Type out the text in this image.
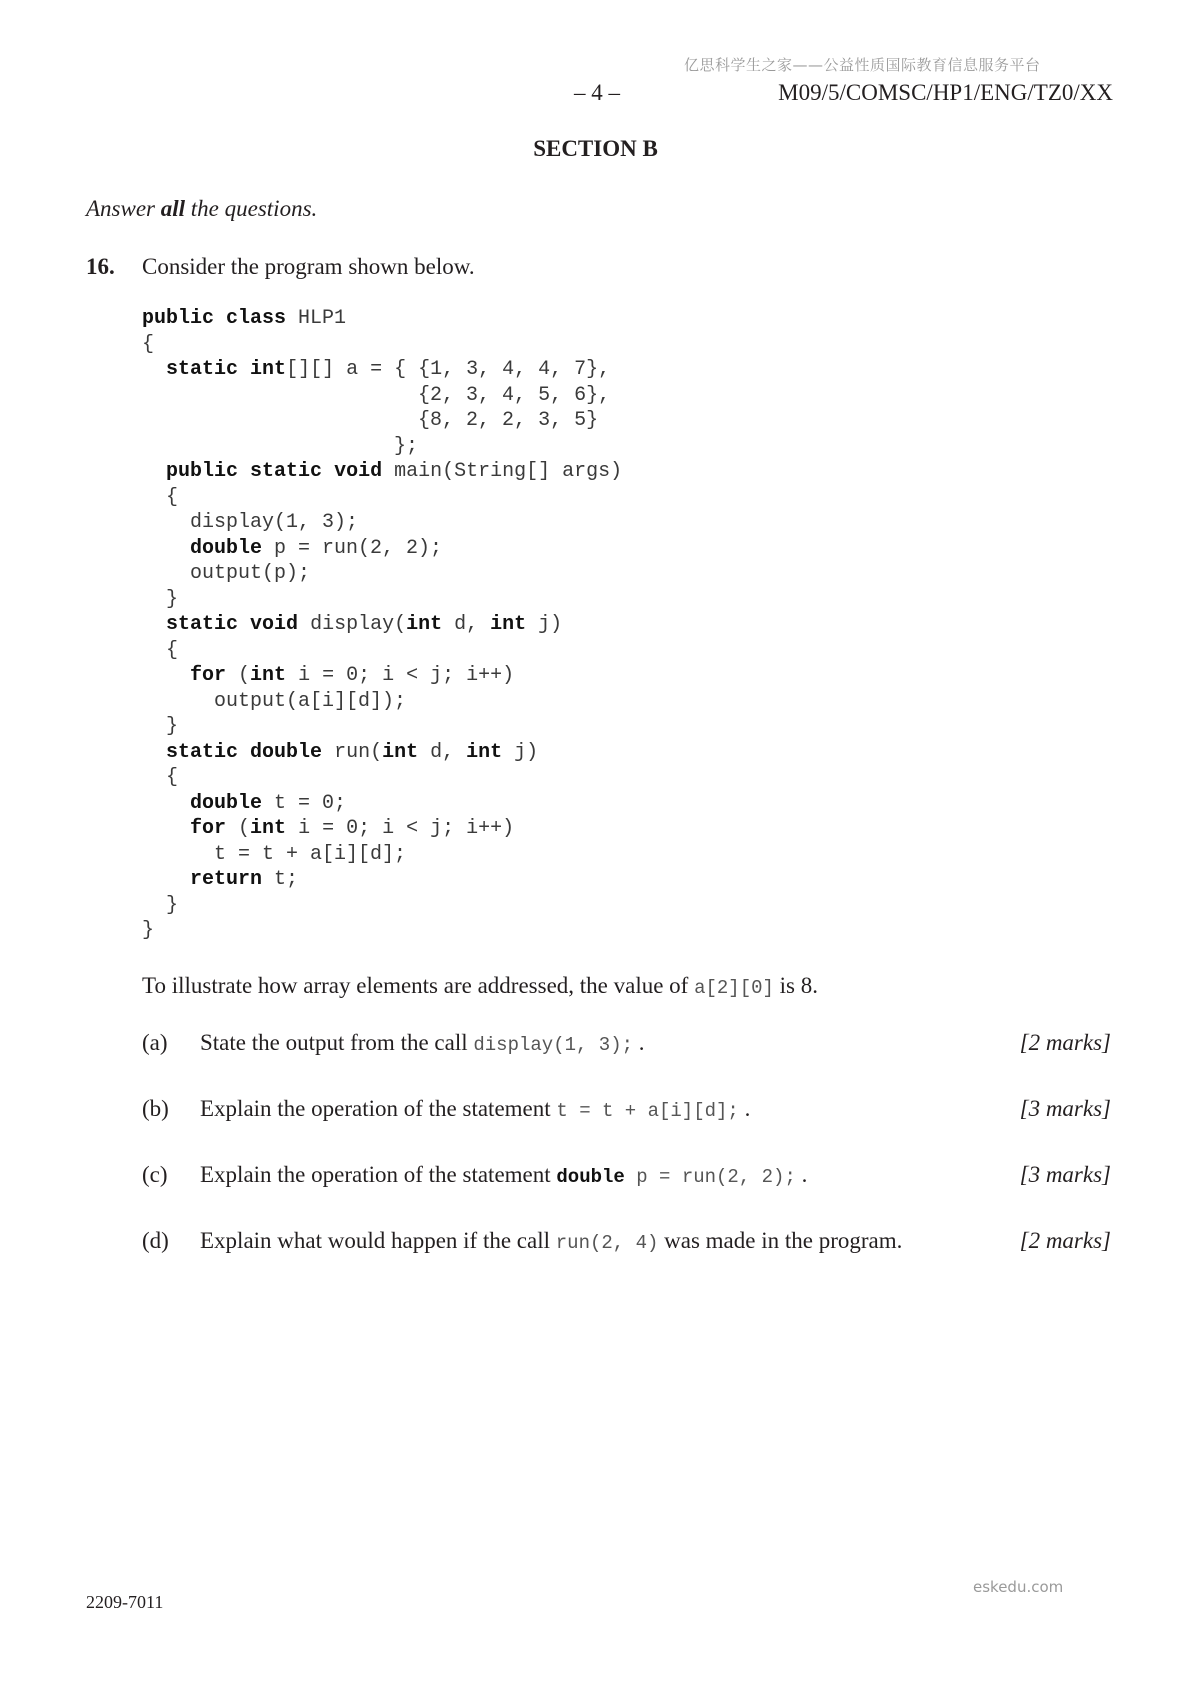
亿思科学生之家——公益性质国际教育信息服务平台
– 4 –	M09/5/COMSC/HP1/ENG/TZ0/XX
SECTION B
Answer all the questions.
16. Consider the program shown below.
public class HLP1
{
static int[][] a = { {1, 3, 4, 4, 7},
{2, 3, 4, 5, 6},
{8, 2, 2, 3, 5}
};
public static void main(String[] args)
{
display(1, 3);
double p = run(2, 2);
output(p);
}
static void display(int d, int j)
{
for (int i = 0; i < j; i++)
output(a[i][d]);
}
static double run(int d, int j)
{
double t = 0;
for (int i = 0; i < j; i++)
t = t + a[i][d];
return t;
}
}

To illustrate how array elements are addressed, the value of a[2][0] is 8.
(a) State the output from the call display(1, 3); .	[2 marks]
(b) Explain the operation of the statement t = t + a[i][d]; .	[3 marks]
(c) Explain the operation of the statement double p = run(2, 2); .	[3 marks]
(d) Explain what would happen if the call run(2, 4) was made in the program.	[2 marks]
eskedu.com
2209-7011
